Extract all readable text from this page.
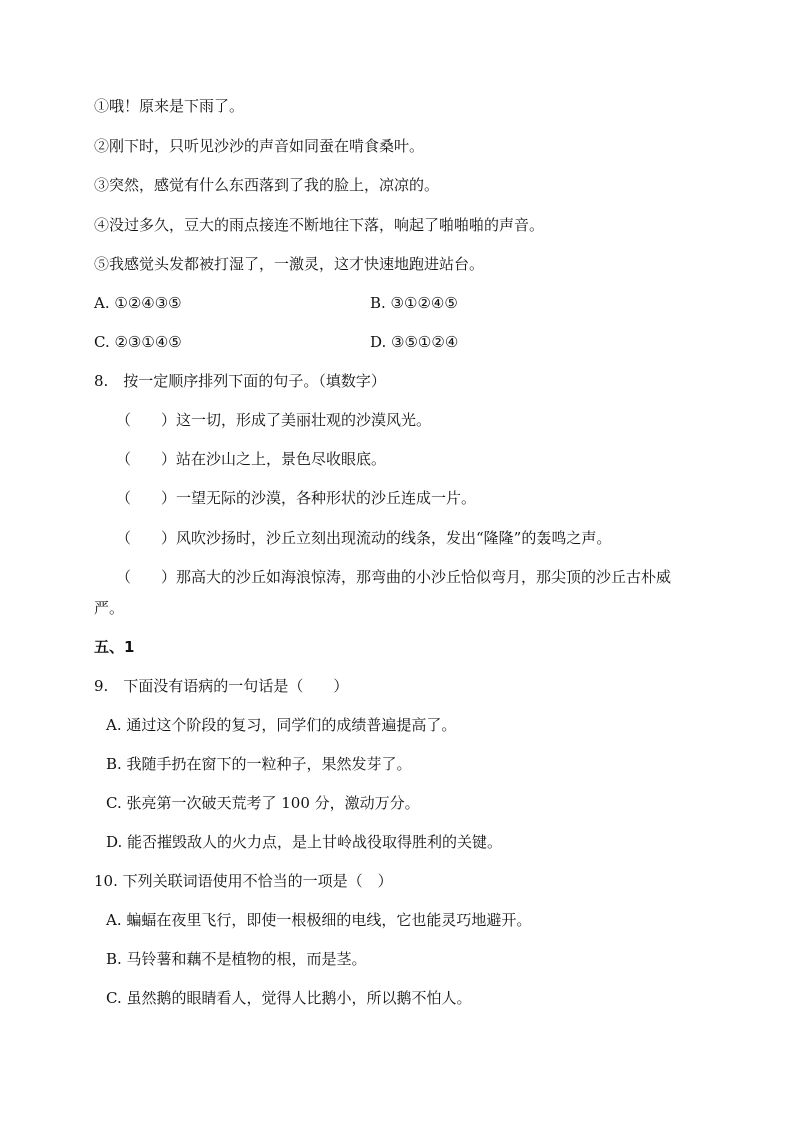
①哦！原来是下雨了。
②刚下时，只听见沙沙的声音如同蚕在啃食桑叶。
③突然，感觉有什么东西落到了我的脸上，凉凉的。
④没过多久，豆大的雨点接连不断地往下落，响起了啪啪啪的声音。
⑤我感觉头发都被打湿了，一激灵，这才快速地跑进站台。
A. ①②④③⑤	B. ③①②④⑤
C. ②③①④⑤	D. ③⑤①②④
8.　按一定顺序排列下面的句子。（填数字）
（　　）这一切，形成了美丽壮观的沙漠风光。
（　　）站在沙山之上，景色尽收眼底。
（　　）一望无际的沙漠，各种形状的沙丘连成一片。
（　　）风吹沙扬时，沙丘立刻出现流动的线条，发出“隆隆”的轰鸣之声。
（　　）那高大的沙丘如海浪惊涛，那弯曲的小沙丘恰似弯月，那尖顶的沙丘古朴威
严。
五、1
9.　下面没有语病的一句话是（　　）
A. 通过这个阶段的复习，同学们的成绩普遍提高了。
B. 我随手扔在窗下的一粒种子，果然发芽了。
C. 张亮第一次破天荒考了 100 分，激动万分。
D. 能否摧毁敌人的火力点，是上甘岭战役取得胜利的关键。
10. 下列关联词语使用不恰当的一项是（　）
A. 蝙蝠在夜里飞行，即使一根极细的电线，它也能灵巧地避开。
B. 马铃薯和藕不是植物的根，而是茎。
C. 虽然鹅的眼睛看人，觉得人比鹅小，所以鹅不怕人。
